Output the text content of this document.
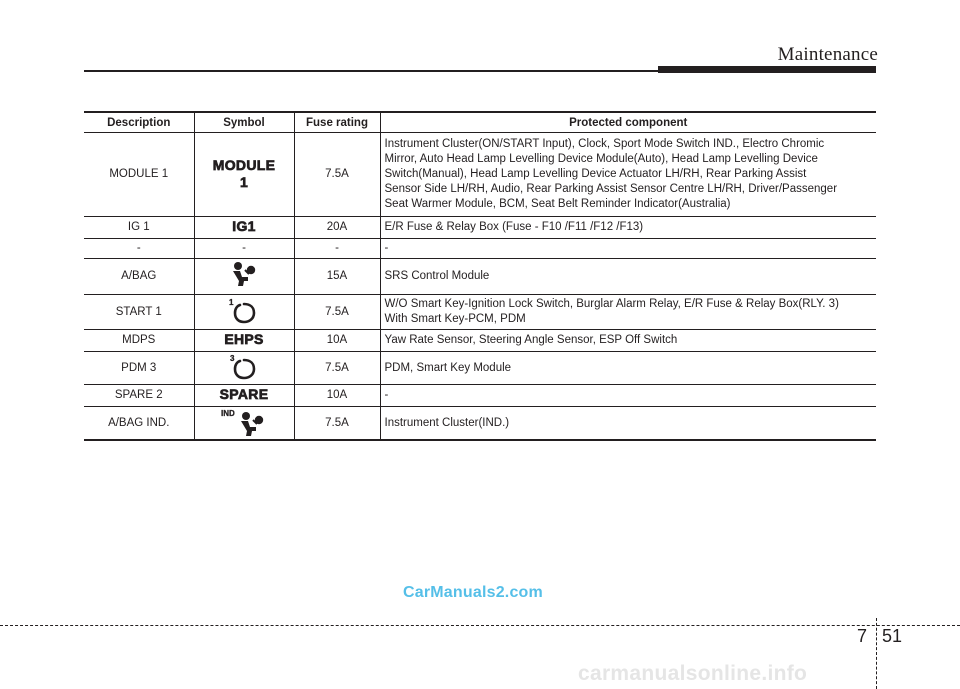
Maintenance
Description	Symbol	Fuse rating	Protected component
MODULE 1	MODULE
1	7.5A	Instrument Cluster(ON/START Input), Clock, Sport Mode Switch IND., Electro Chromic
Mirror, Auto Head Lamp Levelling Device Module(Auto), Head Lamp Levelling Device
Switch(Manual), Head Lamp Levelling Device Actuator LH/RH, Rear Parking Assist
Sensor Side LH/RH, Audio, Rear Parking Assist Sensor Centre LH/RH, Driver/Passenger
Seat Warmer Module, BCM, Seat Belt Reminder Indicator(Australia)
IG 1	IG1	20A	E/R Fuse & Relay Box (Fuse - F10 /F11 /F12 /F13)
-	-	-	-
A/BAG		15A	SRS Control Module
START 1	1	7.5A	W/O Smart Key-Ignition Lock Switch, Burglar Alarm Relay, E/R Fuse & Relay Box(RLY. 3)
With Smart Key-PCM, PDM
MDPS	EHPS	10A	Yaw Rate Sensor, Steering Angle Sensor, ESP Off Switch
PDM 3	3	7.5A	PDM, Smart Key Module
SPARE 2	SPARE	10A	-
A/BAG IND.	IND	7.5A	Instrument Cluster(IND.)
CarManuals2.com
7 51
carmanualsonline.info
